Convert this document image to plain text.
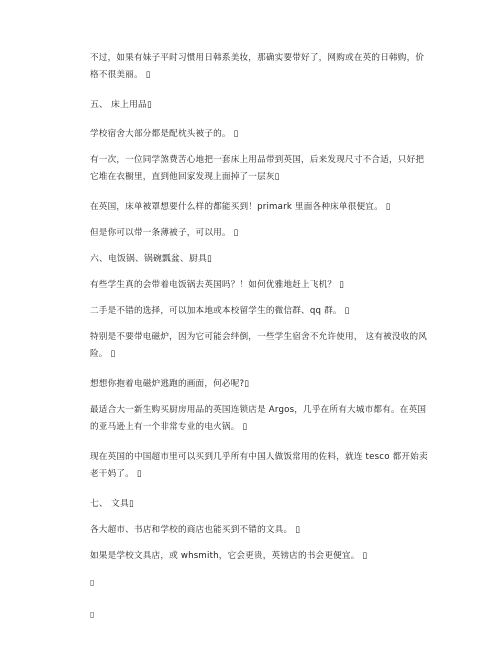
不过，如果有妹子平时习惯用日韩系美妆，那确实要带好了，网购或在英的日韩购，价格不很美丽。 ▯
五、 床上用品▯
学校宿舍大部分都是配枕头被子的。 ▯
有一次，一位同学煞费苦心地把一套床上用品带到英国，后来发现尺寸不合适，只好把它堆在衣橱里，直到他回家发现上面掉了一层灰▯
在英国，床单被罩想要什么样的都能买到！primark 里面各种床单很便宜。 ▯
但是你可以带一条薄被子，可以用。 ▯
六、电饭锅、锅碗瓢盆、厨具▯
有些学生真的会带着电饭锅去英国吗？！如何优雅地赶上飞机？ ▯
二手是不错的选择，可以加本地或本校留学生的微信群、qq 群。 ▯
特别是不要带电磁炉，因为它可能会绊倒，一些学生宿舍不允许使用， 这有被没收的风险。 ▯
想想你抱着电磁炉逃跑的画面，何必呢?▯
最适合大一新生购买厨房用品的英国连锁店是 Argos，几乎在所有大城市都有。在英国的亚马逊上有一个非常专业的电火锅。 ▯
现在英国的中国超市里可以买到几乎所有中国人做饭常用的佐料，就连 tesco 都开始卖老干妈了。 ▯
七、 文具▯
各大超市、书店和学校的商店也能买到不错的文具。 ▯
如果是学校文具店，或 whsmith，它会更贵，英镑店的书会更便宜。 ▯
▯
▯
